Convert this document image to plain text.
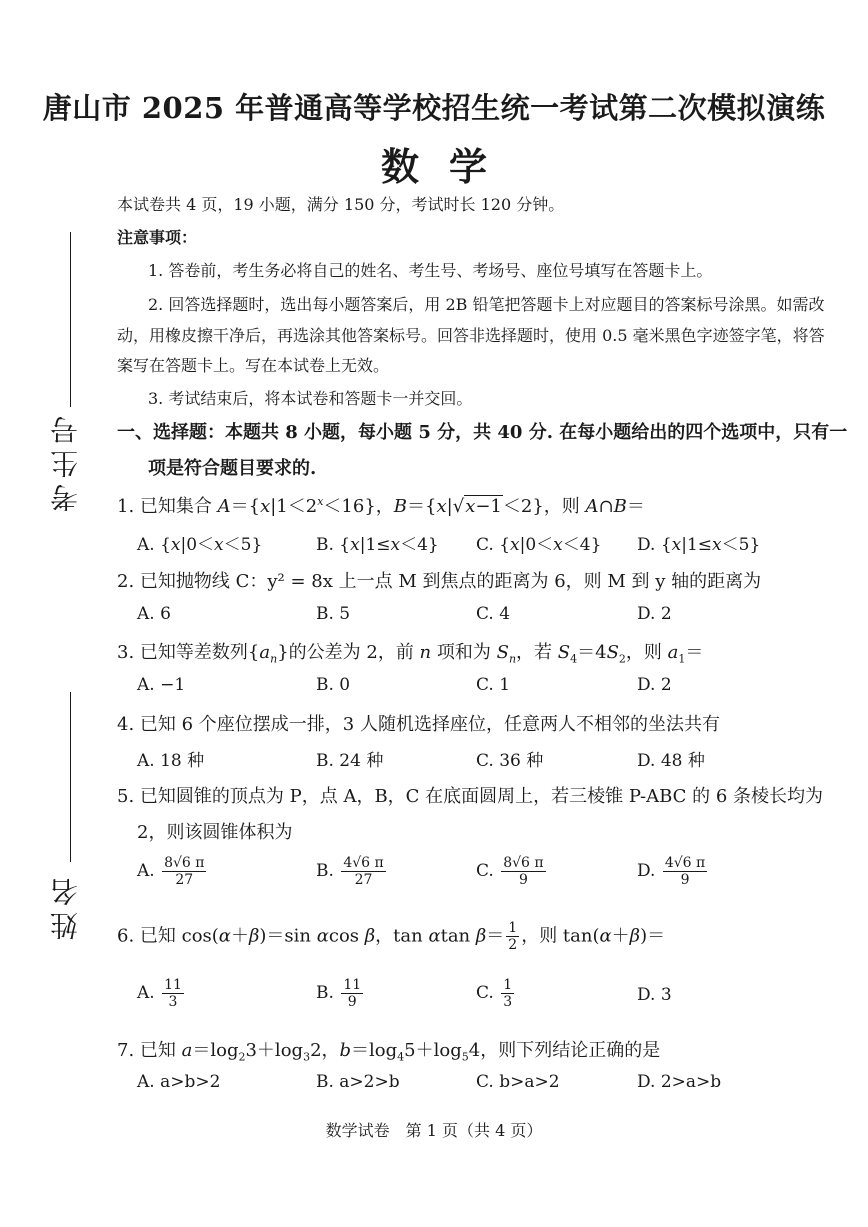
唐山市 2025 年普通高等学校招生统一考试第二次模拟演练
数学
本试卷共 4 页，19 小题，满分 150 分，考试时长 120 分钟。
注意事项：
1. 答卷前，考生务必将自己的姓名、考生号、考场号、座位号填写在答题卡上。
2. 回答选择题时，选出每小题答案后，用 2B 铅笔把答题卡上对应题目的答案标号涂黑。如需改
动，用橡皮擦干净后，再选涂其他答案标号。回答非选择题时，使用 0.5 毫米黑色字迹签字笔，将答
案写在答题卡上。写在本试卷上无效。
3. 考试结束后，将本试卷和答题卡一并交回。
考生号
姓名
一、选择题：本题共 8 小题，每小题 5 分，共 40 分. 在每小题给出的四个选项中，只有一
项是符合题目要求的.
1. 已知集合 $A=\{x|1<2^x<16\}$，B＝{x|√x−1＜2}，则 A∩B＝
A. {x|0＜x＜5}	B. {x|1≤x＜4} C. {x|0＜x＜4} D. {x|1≤x＜5}
2. 已知抛物线 C：y² = 8x 上一点 M 到焦点的距离为 6，则 M 到 y 轴的距离为
A. 6	B. 5	C. 4	D. 2
3. 已知等差数列$\{a_n\}$的公差为 2，前 n 项和为 $S_n$，若 $S_4=4S_2$，则 $a_1=$
A. −1	B. 0	C. 1	D. 2
4. 已知 6 个座位摆成一排，3 人随机选择座位，任意两人不相邻的坐法共有
A. 18 种	B. 24 种	C. 36 种	D. 48 种
5. 已知圆锥的顶点为 P，点 A，B，C 在底面圆周上，若三棱锥 P-ABC 的 6 条棱长均为
2，则该圆锥体积为
A. $\frac{8√6 \pi}{27}$	B. $\frac{4√6 \pi}{27}$	C. $\frac{8√6 \pi}{9}$	D. $\frac{4√6 \pi}{9}$
6. 已知 cos(α＋β)＝sin αcos β，tan αtan $\beta= \frac{1}{2}$ ，则 tan(α＋β)＝
A. $\frac{11}{3}$	B. $\frac{11}{9}$	C. $\frac{1}{3}$	D. 3
7. 已知 $a=\log_23+\log_32$，$b=\log_45+\log_54$，则下列结论正确的是
A. a>b>2	B. a>2>b	C. b>a>2	D. 2>a>b
数学试卷　第 1 页（共 4 页）
